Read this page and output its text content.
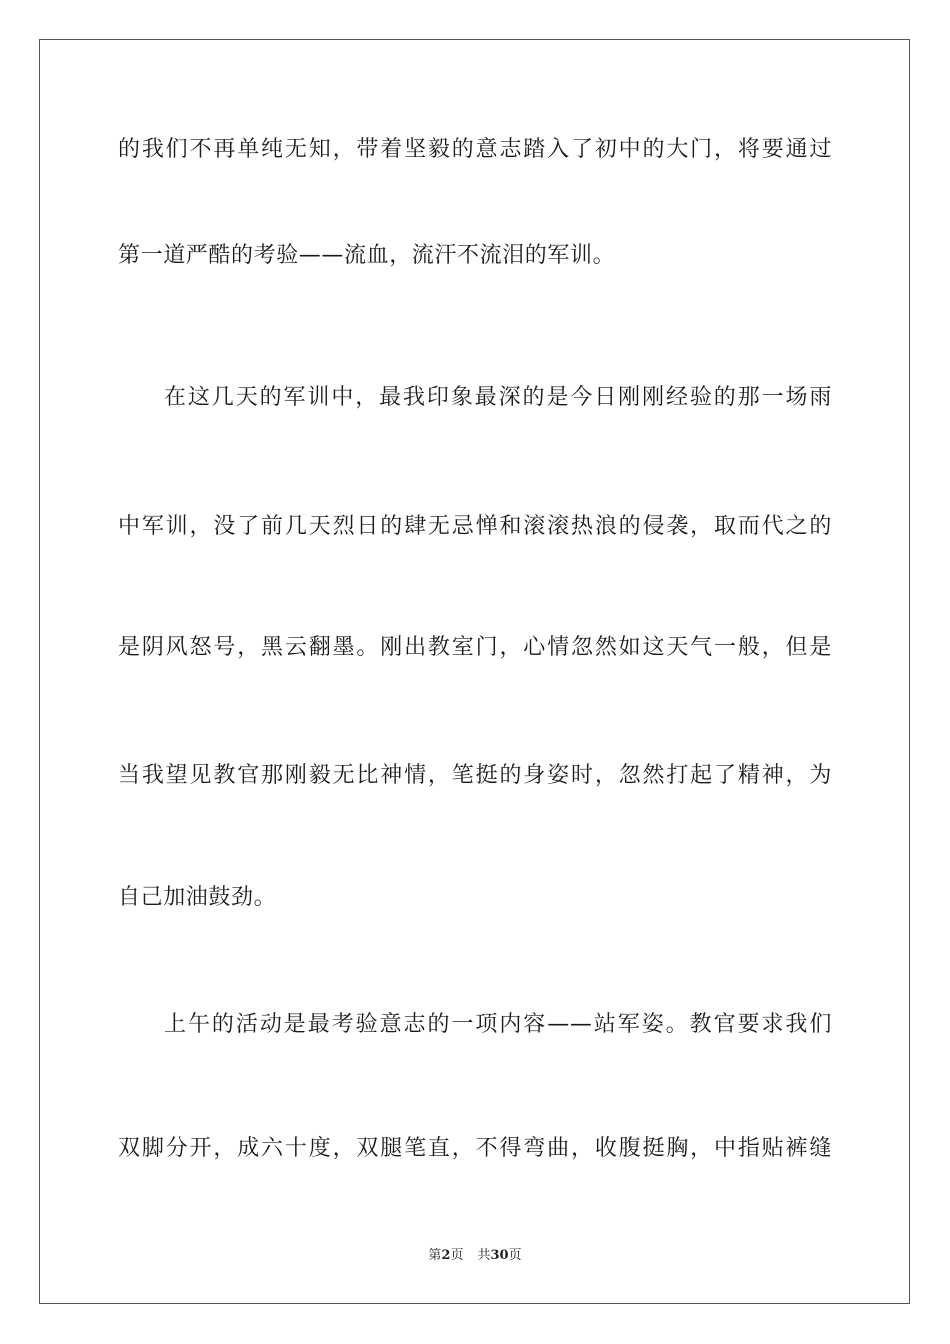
的我们不再单纯无知，带着坚毅的意志踏入了初中的大门，将要通过
第一道严酷的考验——流血，流汗不流泪的军训。
在这几天的军训中，最我印象最深的是今日刚刚经验的那一场雨
中军训，没了前几天烈日的肆无忌惮和滚滚热浪的侵袭，取而代之的
是阴风怒号，黑云翻墨。刚出教室门，心情忽然如这天气一般，但是
当我望见教官那刚毅无比神情，笔挺的身姿时，忽然打起了精神，为
自己加油鼓劲。
上午的活动是最考验意志的一项内容——站军姿。教官要求我们
双脚分开，成六十度，双腿笔直，不得弯曲，收腹挺胸，中指贴裤缝
第2页 共30页
